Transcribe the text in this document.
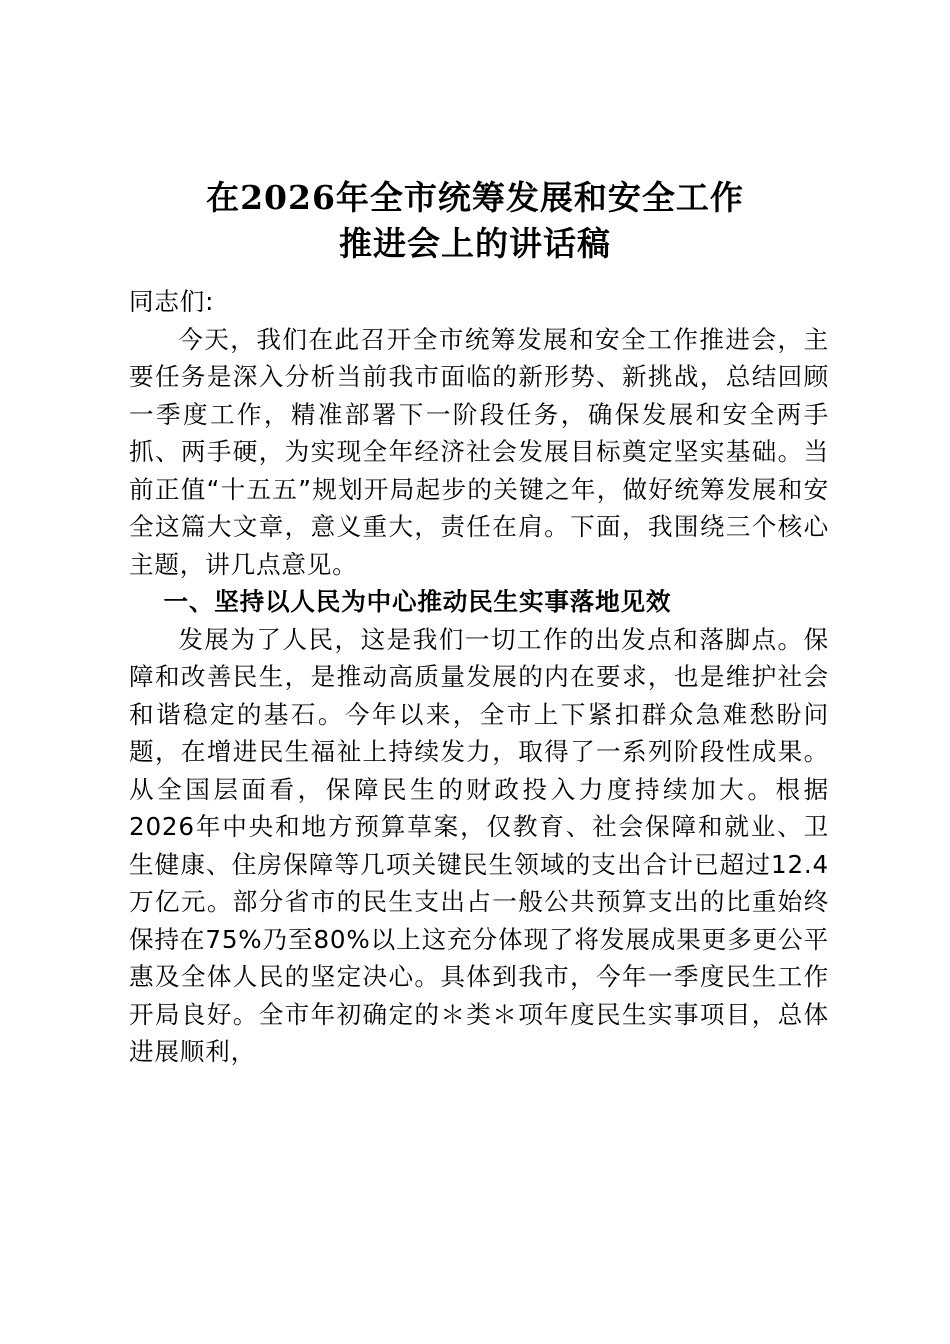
在2026年全市统筹发展和安全工作
推进会上的讲话稿

同志们:

今天，我们在此召开全市统筹发展和安全工作推进会，主要任务是深入分析当前我市面临的新形势、新挑战，总结回顾一季度工作，精准部署下一阶段任务，确保发展和安全两手抓、两手硬，为实现全年经济社会发展目标奠定坚实基础。当前正值“十五五”规划开局起步的关键之年，做好统筹发展和安全这篇大文章，意义重大，责任在肩。下面，我围绕三个核心主题，讲几点意见。

一、坚持以人民为中心推动民生实事落地见效

发展为了人民，这是我们一切工作的出发点和落脚点。保障和改善民生，是推动高质量发展的内在要求，也是维护社会和谐稳定的基石。今年以来，全市上下紧扣群众急难愁盼问题，在增进民生福祉上持续发力，取得了一系列阶段性成果。从全国层面看，保障民生的财政投入力度持续加大。根据2026年中央和地方预算草案，仅教育、社会保障和就业、卫生健康、住房保障等几项关键民生领域的支出合计已超过12.4万亿元。部分省市的民生支出占一般公共预算支出的比重始终保持在75%乃至80%以上这充分体现了将发展成果更多更公平惠及全体人民的坚定决心。具体到我市，今年一季度民生工作开局良好。全市年初确定的＊类＊项年度民生实事项目，总体进展顺利，
